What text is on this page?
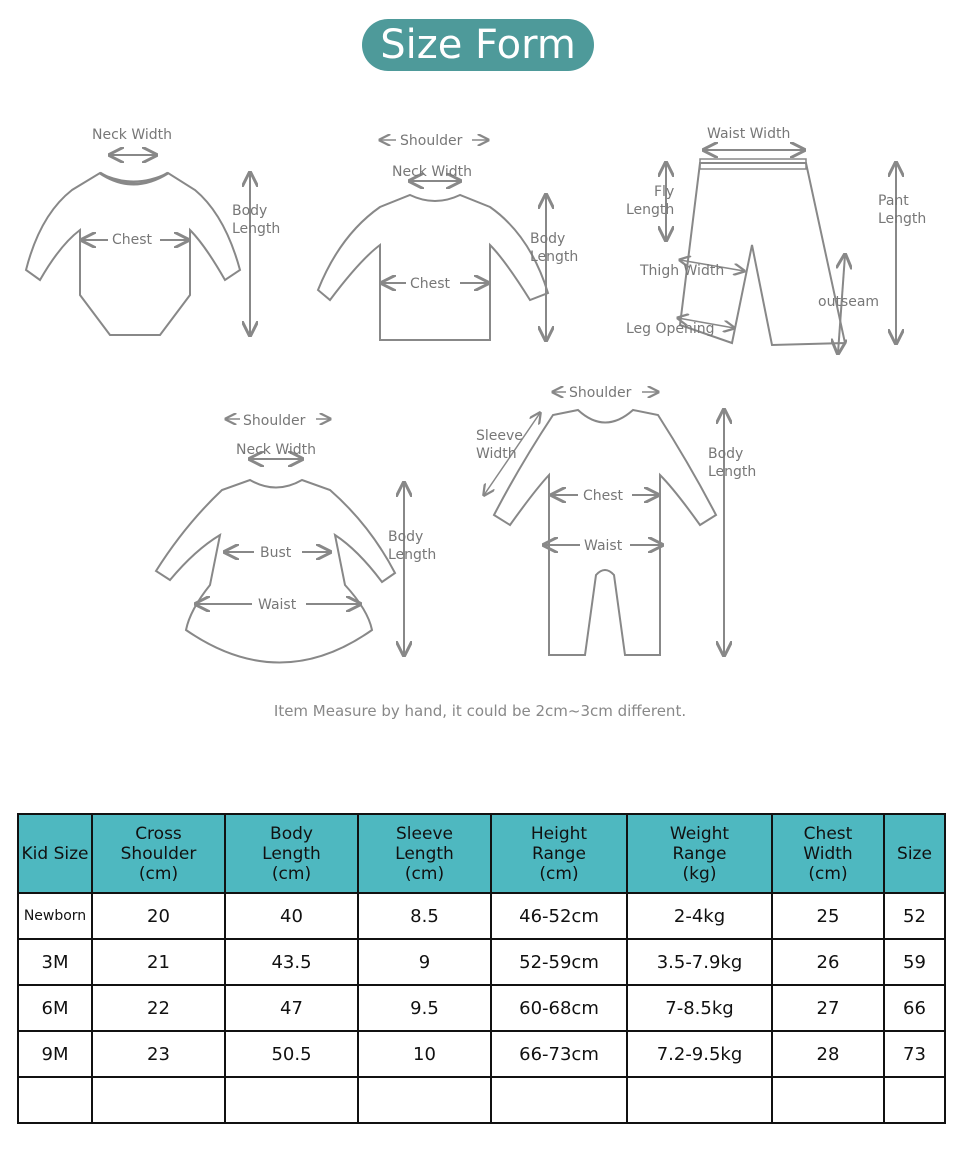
Size Form
Neck Width
Chest
Body
Length
Shoulder
Neck Width
Chest
Body
Length
Waist Width
Fly
Length
Pant
Length
Thigh Width
outseam
Leg Opening
Shoulder
Neck Width
Bust
Waist
Body
Length
Shoulder
Sleeve
Width
Chest
Waist
Body
Length
Item Measure by hand, it could be 2cm~3cm different.
Kid Size	Cross
Shoulder
(cm)	Body
Length
(cm)	Sleeve
Length
(cm)	Height
Range
(cm)	Weight
Range
(kg)	Chest
Width
(cm)	Size
Newborn	20	40	8.5	46-52cm	2-4kg	25	52
3M	21	43.5	9	52-59cm	3.5-7.9kg	26	59
6M	22	47	9.5	60-68cm	7-8.5kg	27	66
9M	23	50.5	10	66-73cm	7.2-9.5kg	28	73
